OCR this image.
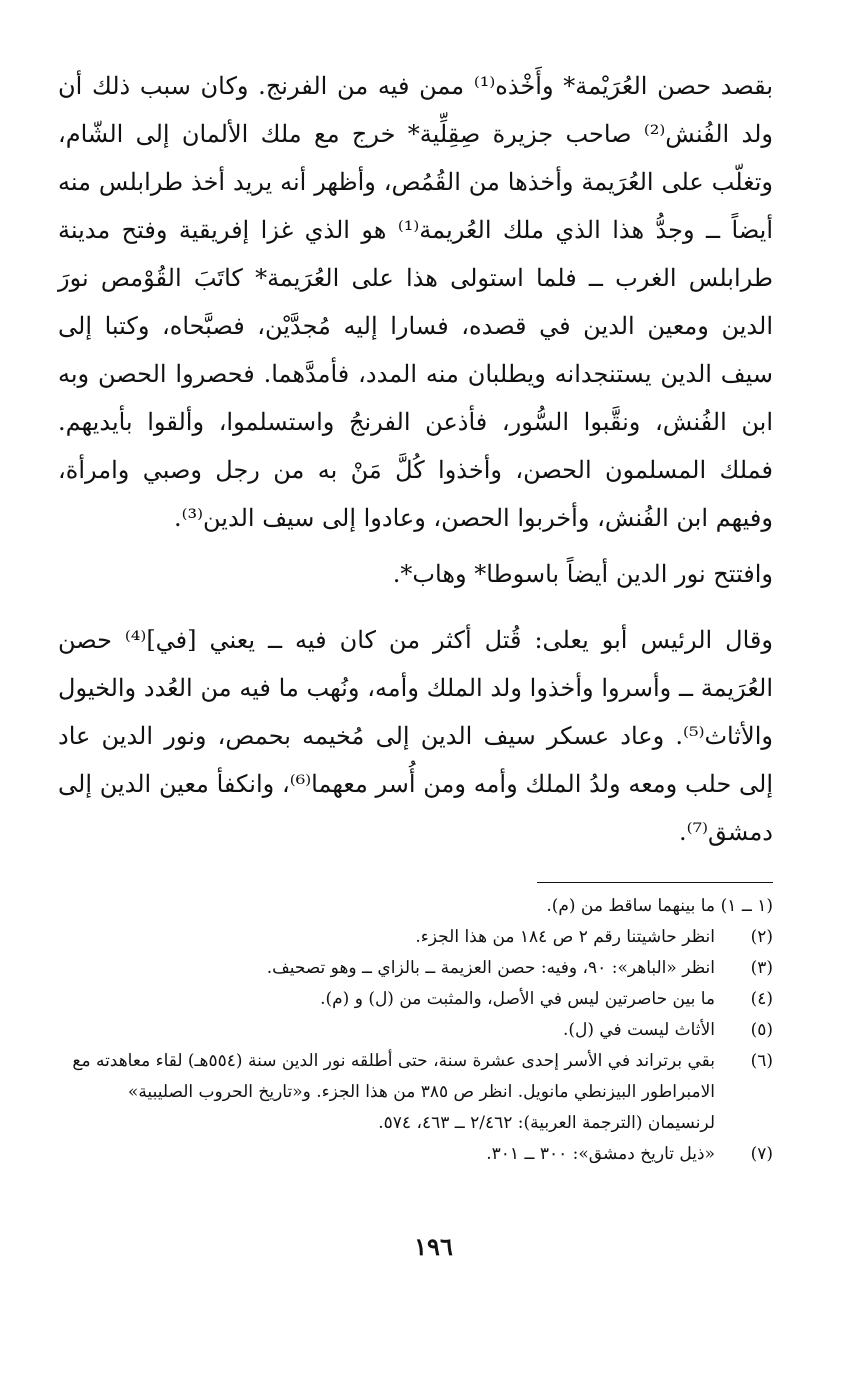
بقصد حصن العُرَيْمة* وأَخْذه⁽¹⁾ ممن فيه من الفرنج. وكان سبب ذلك أن ولد الفُنش⁽²⁾ صاحب جزيرة صِقِلِّية* خرج مع ملك الألمان إلى الشّام، وتغلّب على العُرَيمة وأخذها من القُمُص، وأظهر أنه يريد أخذ طرابلس منه أيضاً ــ وجدُّ هذا الذي ملك العُريمة⁽¹⁾ هو الذي غزا إفريقية وفتح مدينة طرابلس الغرب ــ فلما استولى هذا على العُرَيمة* كاتَبَ القُوْمص نورَ الدين ومعين الدين في قصده، فسارا إليه مُجدَّيْن، فصبَّحاه، وكتبا إلى سيف الدين يستنجدانه ويطلبان منه المدد، فأمدَّهما. فحصروا الحصن وبه ابن الفُنش، ونقَّبوا السُّور، فأذعن الفرنجُ واستسلموا، وألقوا بأيديهم. فملك المسلمون الحصن، وأخذوا كُلَّ مَنْ به من رجل وصبي وامرأة، وفيهم ابن الفُنش، وأخربوا الحصن، وعادوا إلى سيف الدين⁽³⁾.

وافتتح نور الدين أيضاً باسوطا* وهاب*.

وقال الرئيس أبو يعلى: قُتل أكثر من كان فيه ــ يعني [في]⁽⁴⁾ حصن العُرَيمة ــ وأسروا وأخذوا ولد الملك وأمه، ونُهب ما فيه من العُدد والخيول والأثاث⁽⁵⁾. وعاد عسكر سيف الدين إلى مُخيمه بحمص، ونور الدين عاد إلى حلب ومعه ولدُ الملك وأمه ومن أُسر معهما⁽⁶⁾، وانكفأ معين الدين إلى دمشق⁽⁷⁾.

(١ ــ ١)
ما بينهما ساقط من (م).
(٢)
انظر حاشيتنا رقم ٢ ص ١٨٤ من هذا الجزء.
(٣)
انظر «الباهر»: ٩٠، وفيه: حصن العزيمة ــ بالزاي ــ وهو تصحيف.
(٤)
ما بين حاصرتين ليس في الأصل، والمثبت من (ل) و (م).
(٥)
الأثاث ليست في (ل).
(٦)
بقي برتراند في الأسر إحدى عشرة سنة، حتى أطلقه نور الدين سنة (٥٥٤هـ) لقاء معاهدته مع الامبراطور البيزنطي مانويل. انظر ص ٣٨٥ من هذا الجزء. و«تاريخ الحروب الصليبية» لرنسيمان (الترجمة العربية): ٢/٤٦٢ ــ ٤٦٣، ٥٧٤.
(٧)
«ذيل تاريخ دمشق»: ٣٠٠ ــ ٣٠١.
١٩٦
